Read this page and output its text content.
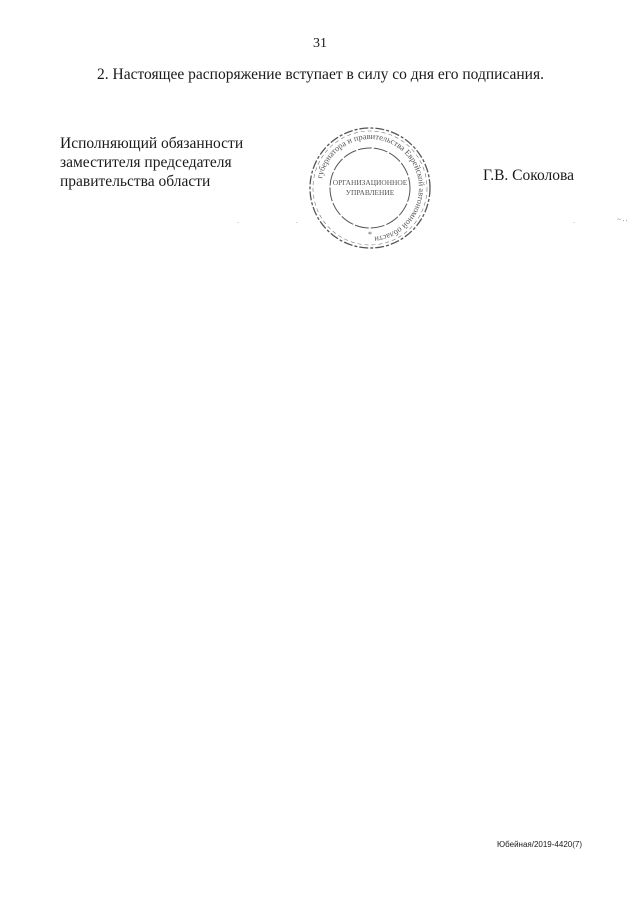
31
2. Настоящее распоряжение вступает в силу со дня его подписания.
Исполняющий обязанности
заместителя председателя
правительства области	губернатора и правительства Еврейской автономной области
ОРГАНИЗАЦИОННОЕ
УПРАВЛЕНИЕ
*
Г.В. Соколова
.	.	.	~⸳⸳
Юбейная/2019-4420(7)
